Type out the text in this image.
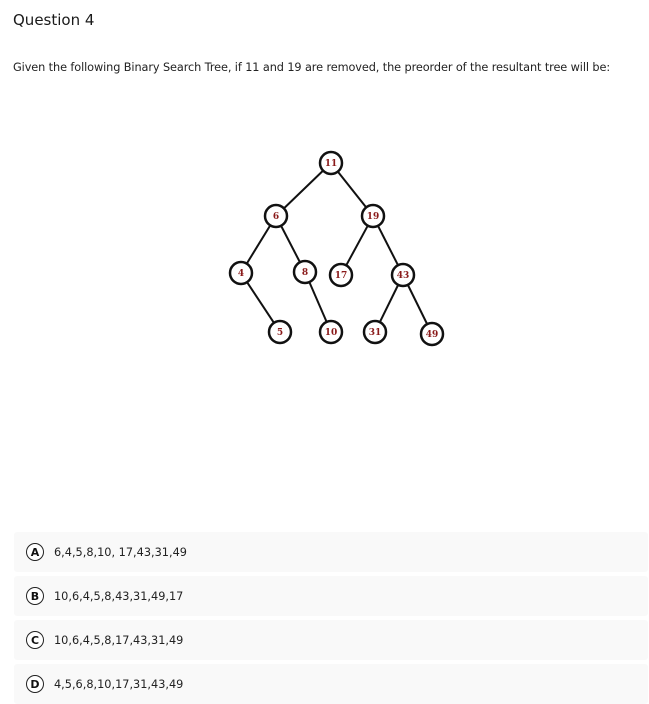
Question 4
Given the following Binary Search Tree, if 11 and 19 are removed, the preorder of the resultant tree will be:
11
6	19
4	8	17	43
5	10	31	49
A	6,4,5,8,10, 17,43,31,49
B	10,6,4,5,8,43,31,49,17
C	10,6,4,5,8,17,43,31,49
D	4,5,6,8,10,17,31,43,49
